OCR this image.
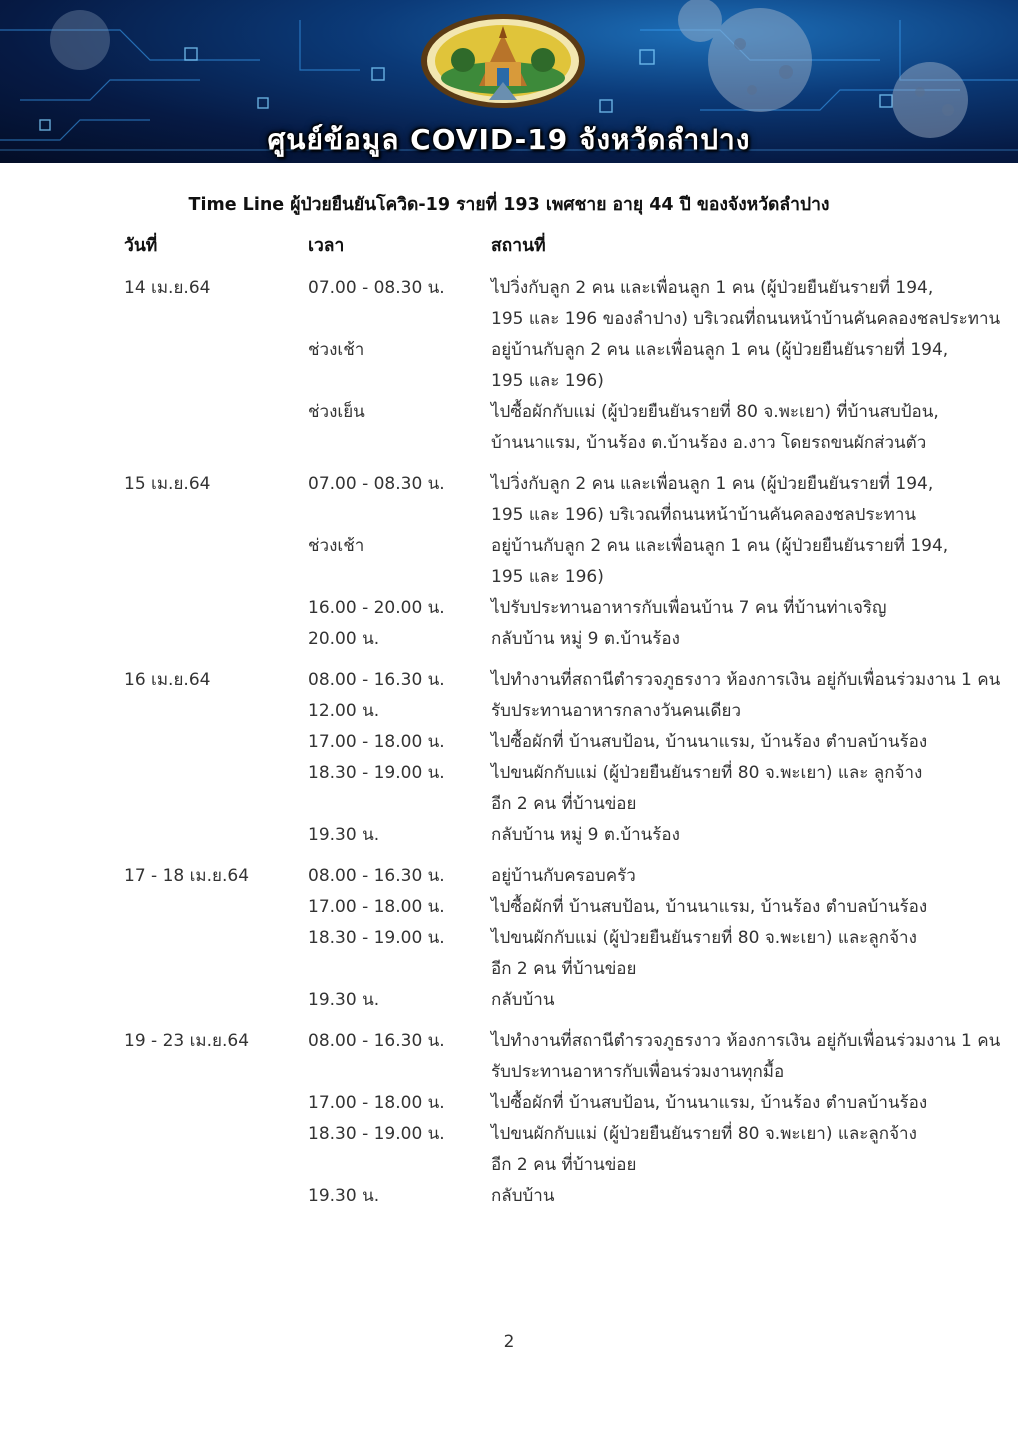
ศูนย์ข้อมูล COVID-19 จังหวัดลำปาง
Time Line ผู้ป่วยยืนยันโควิด-19 รายที่ 193 เพศชาย อายุ 44 ปี ของจังหวัดลำปาง
วันที่	เวลา	สถานที่
14 เม.ย.64	07.00 - 08.30 น.	ไปวิ่งกับลูก 2 คน และเพื่อนลูก 1 คน (ผู้ป่วยยืนยันรายที่ 194,
195 และ 196 ของลำปาง) บริเวณที่ถนนหน้าบ้านคันคลองชลประทาน
ช่วงเช้า	อยู่บ้านกับลูก 2 คน และเพื่อนลูก 1 คน (ผู้ป่วยยืนยันรายที่ 194,
195 และ 196)
ช่วงเย็น	ไปซื้อผักกับแม่ (ผู้ป่วยยืนยันรายที่ 80 จ.พะเยา) ที่บ้านสบป้อน,
บ้านนาแรม, บ้านร้อง ต.บ้านร้อง อ.งาว โดยรถขนผักส่วนตัว
15 เม.ย.64	07.00 - 08.30 น.	ไปวิ่งกับลูก 2 คน และเพื่อนลูก 1 คน (ผู้ป่วยยืนยันรายที่ 194,
195 และ 196) บริเวณที่ถนนหน้าบ้านคันคลองชลประทาน
ช่วงเช้า	อยู่บ้านกับลูก 2 คน และเพื่อนลูก 1 คน (ผู้ป่วยยืนยันรายที่ 194,
195 และ 196)
16.00 - 20.00 น.	ไปรับประทานอาหารกับเพื่อนบ้าน 7 คน ที่บ้านท่าเจริญ
20.00 น.	กลับบ้าน หมู่ 9 ต.บ้านร้อง
16 เม.ย.64	08.00 - 16.30 น.	ไปทำงานที่สถานีตำรวจภูธรงาว ห้องการเงิน อยู่กับเพื่อนร่วมงาน 1 คน
12.00 น.	รับประทานอาหารกลางวันคนเดียว
17.00 - 18.00 น.	ไปซื้อผักที่ บ้านสบป้อน, บ้านนาแรม, บ้านร้อง ตำบลบ้านร้อง
18.30 - 19.00 น.	ไปขนผักกับแม่ (ผู้ป่วยยืนยันรายที่ 80 จ.พะเยา) และ ลูกจ้าง
อีก 2 คน ที่บ้านข่อย
19.30 น.	กลับบ้าน หมู่ 9 ต.บ้านร้อง
17 - 18 เม.ย.64	08.00 - 16.30 น.	อยู่บ้านกับครอบครัว
17.00 - 18.00 น.	ไปซื้อผักที่ บ้านสบป้อน, บ้านนาแรม, บ้านร้อง ตำบลบ้านร้อง
18.30 - 19.00 น.	ไปขนผักกับแม่ (ผู้ป่วยยืนยันรายที่ 80 จ.พะเยา) และลูกจ้าง
อีก 2 คน ที่บ้านข่อย
19.30 น.	กลับบ้าน
19 - 23 เม.ย.64	08.00 - 16.30 น.	ไปทำงานที่สถานีตำรวจภูธรงาว ห้องการเงิน อยู่กับเพื่อนร่วมงาน 1 คน
รับประทานอาหารกับเพื่อนร่วมงานทุกมื้อ
17.00 - 18.00 น.	ไปซื้อผักที่ บ้านสบป้อน, บ้านนาแรม, บ้านร้อง ตำบลบ้านร้อง
18.30 - 19.00 น.	ไปขนผักกับแม่ (ผู้ป่วยยืนยันรายที่ 80 จ.พะเยา) และลูกจ้าง
อีก 2 คน ที่บ้านข่อย
19.30 น.	กลับบ้าน
2
